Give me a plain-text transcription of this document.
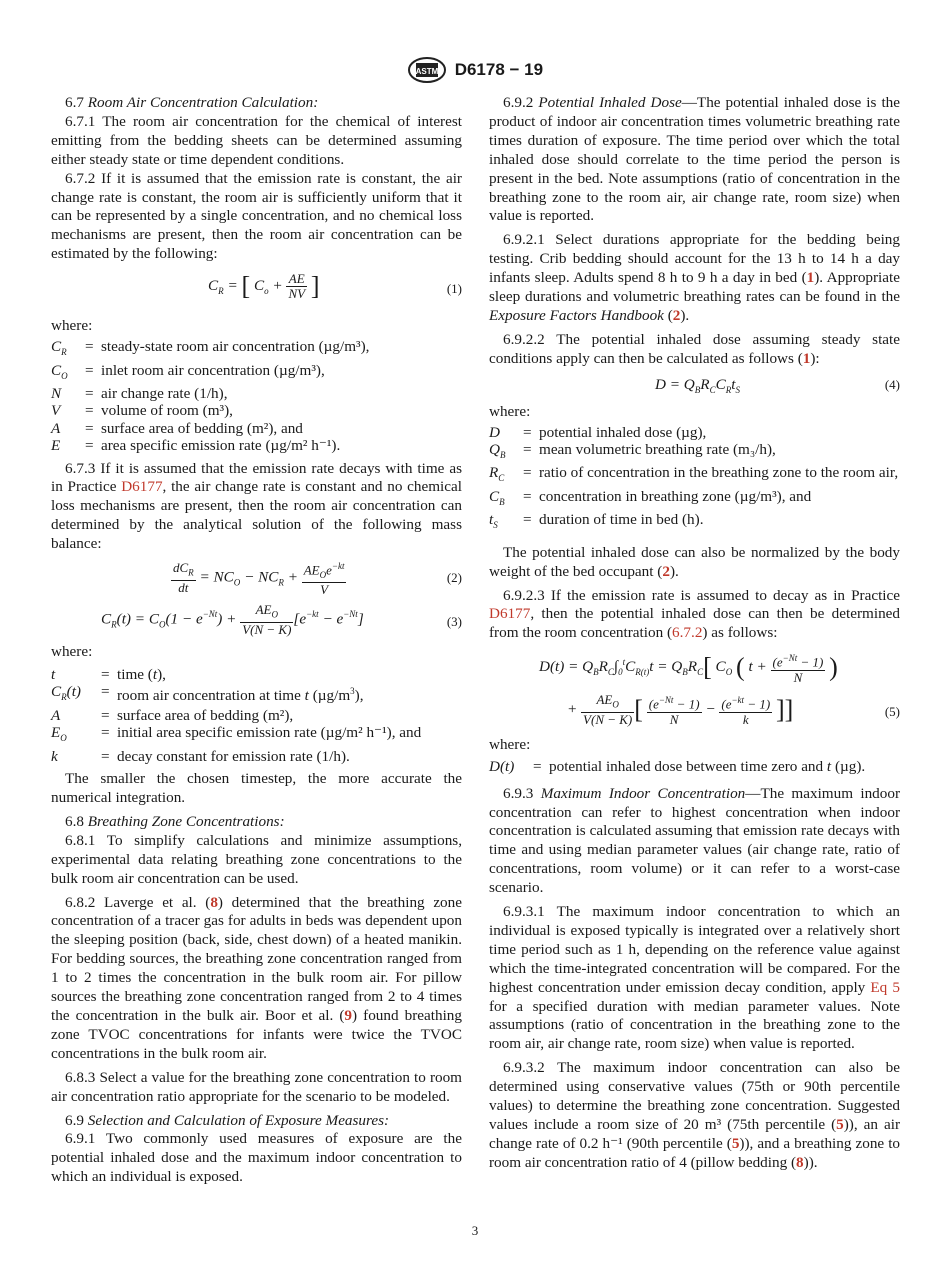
ASTM D6178 − 19

6.7 Room Air Concentration Calculation:

6.7.1 The room air concentration for the chemical of interest emitting from the bedding sheets can be determined assuming either steady state or time dependent conditions.

6.7.2 If it is assumed that the emission rate is constant, the air change rate is constant, the room air is sufficiently uniform that it can be represented by a single concentration, and no chemical loss mechanisms are present, then the room air concentration can be estimated by the following:

$C_R$ = [ $C_o + \frac{AE}{NV}$ ]	(1)

where:

$C_R$	=	steady-state room air concentration (µg/m³),
$C_O$	=	inlet room air concentration (µg/m³),
N	=	air change rate (1/h),
V	=	volume of room (m³),
A	=	surface area of bedding (m²), and
E	=	area specific emission rate (µg/m² h⁻¹).

6.7.3 If it is assumed that the emission rate decays with time as in Practice D6177, the air change rate is constant and no chemical loss mechanisms are present, then the room air concentration can determined by the analytical solution of the following mass balance:

$\frac{dC_R}{dt} = NC_O - NC_R + \frac{AE_Oe^{-kt}}{V}$	(2)
$C_R(t) = C_O(1 - e^{-Nt}) + \frac{AE_O}{V(N - K)} [e^{-kt} - e^{-Nt}]$	(3)

where:

t	=	time (t),
$C_R(t)$	=	room air concentration at time t $(\mu g/m^3)$,
A	=	surface area of bedding (m²),
$E_O$	=	initial area specific emission rate (µg/m² h⁻¹), and
k	=	decay constant for emission rate (1/h).

The smaller the chosen timestep, the more accurate the numerical integration.

6.8 Breathing Zone Concentrations:

6.8.1 To simplify calculations and minimize assumptions, experimental data relating breathing zone concentrations to the bulk room air concentration can be used.

6.8.2 Laverge et al. (8) determined that the breathing zone concentration of a tracer gas for adults in beds was dependent upon the sleeping position (back, side, chest down) of a heated manikin. For bedding sources, the breathing zone concentration ranged from 1 to 2 times the concentration in the bulk room air. For pillow sources the breathing zone concentration ranged from 2 to 4 times the concentration in the bulk air. Boor et al. (9) found breathing zone TVOC concentrations for infants were twice the TVOC concentrations in the bulk room air.

6.8.3 Select a value for the breathing zone concentration to room air concentration ratio appropriate for the scenario to be modeled.

6.9 Selection and Calculation of Exposure Measures:

6.9.1 Two commonly used measures of exposure are the potential inhaled dose and the maximum indoor concentration to which an individual is exposed.

6.9.2 Potential Inhaled Dose—The potential inhaled dose is the product of indoor air concentration times volumetric breathing rate times duration of exposure. The time period over which the total inhaled dose should correlate to the time period the person is present in the bed. Note assumptions (ratio of concentration in the breathing zone to the room air, air change rate, room size) when value is reported.

6.9.2.1 Select durations appropriate for the bedding being testing. Crib bedding should account for the 13 h to 14 h a day infants sleep. Adults spend 8 h to 9 h a day in bed (1). Appropriate sleep durations and volumetric breathing rates can be found in the Exposure Factors Handbook (2).

6.9.2.2 The potential inhaled dose assuming steady state conditions apply can then be calculated as follows (1):

$D = Q_BR_CC_Rt_S$	(4)

where:

D	=	potential inhaled dose (µg),
$Q_B$	=	mean volumetric breathing rate (m₃/h),
$R_C$	=	ratio of concentration in the breathing zone to the room air,
$C_B$	=	concentration in breathing zone (µg/m³), and
$t_S$	=	duration of time in bed (h).

The potential inhaled dose can also be normalized by the body weight of the bed occupant (2).

6.9.2.3 If the emission rate is assumed to decay as in Practice D6177, then the potential inhaled dose can then be determined from the room concentration (6.7.2) as follows:

$D(t) = Q_BR_C\int_0^tC_{R(t)}t = Q_BR_C$[ $C_O$ ( $t + \frac{(e^{-Nt} - 1)}{N}$ )
+ $\frac{AE_O}{V(N - K)}$ [ $\frac{(e^{-Nt} - 1)}{N} - \frac{(e^{-kt} - 1)}{k}$ ]]	(5)

where:

D(t)	=	potential inhaled dose between time zero and t (µg).

6.9.3 Maximum Indoor Concentration—The maximum indoor concentration can refer to highest concentration when indoor concentration is calculated assuming that emission rate decays with time and using median parameter values (air change rate, ratio of concentrations, room volume) or it can refer to a worst-case scenario.

6.9.3.1 The maximum indoor concentration to which an individual is exposed typically is integrated over a relatively short time period such as 1 h, depending on the reference value against which the time-integrated concentration will be compared. For the highest concentration under emission decay condition, apply Eq 5 for a specified duration with median parameter values. Note assumptions (ratio of concentration in the breathing zone to the room air, air change rate, room size) when value is reported.

6.9.3.2 The maximum indoor concentration can also be determined using conservative values (75th or 90th percentile values) to determine the breathing zone concentration. Suggested values include a room size of 20 m³ (75th percentile (5)), an air change rate of 0.2 h⁻¹ (90th percentile (5)), and a breathing zone to room air concentration ratio of 4 (pillow bedding (8)).

3
